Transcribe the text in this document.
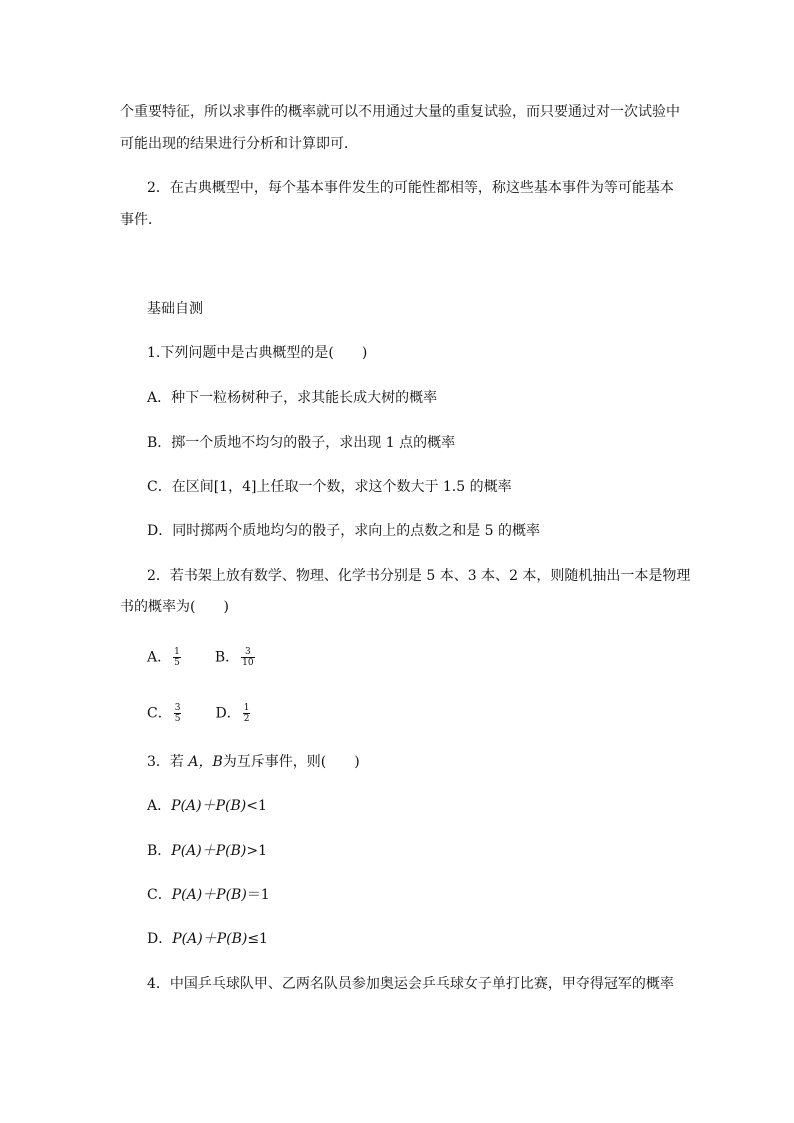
个重要特征，所以求事件的概率就可以不用通过大量的重复试验，而只要通过对一次试验中
可能出现的结果进行分析和计算即可．
2．在古典概型中，每个基本事件发生的可能性都相等，称这些基本事件为等可能基本
事件．
基础自测
1.下列问题中是古典概型的是(　　)
A．种下一粒杨树种子，求其能长成大树的概率
B．掷一个质地不均匀的骰子，求出现 1 点的概率
C．在区间[1，4]上任取一个数，求这个数大于 1.5 的概率
D．同时掷两个质地均匀的骰子，求向上的点数之和是 5 的概率
2．若书架上放有数学、物理、化学书分别是 5 本、3 本、2 本，则随机抽出一本是物理
书的概率为(　　)
A． $\frac{1}{5}$ B． $\frac{3}{10}$
C． $\frac{3}{5}$ D． $\frac{1}{2}$
3．若 A，B为互斥事件，则(　　)
A．P(A)＋P(B)<1
B．P(A)＋P(B)>1
C．P(A)＋P(B)＝1
D．P(A)＋P(B)≤1
4．中国乒乓球队甲、乙两名队员参加奥运会乒乓球女子单打比赛，甲夺得冠军的概率
